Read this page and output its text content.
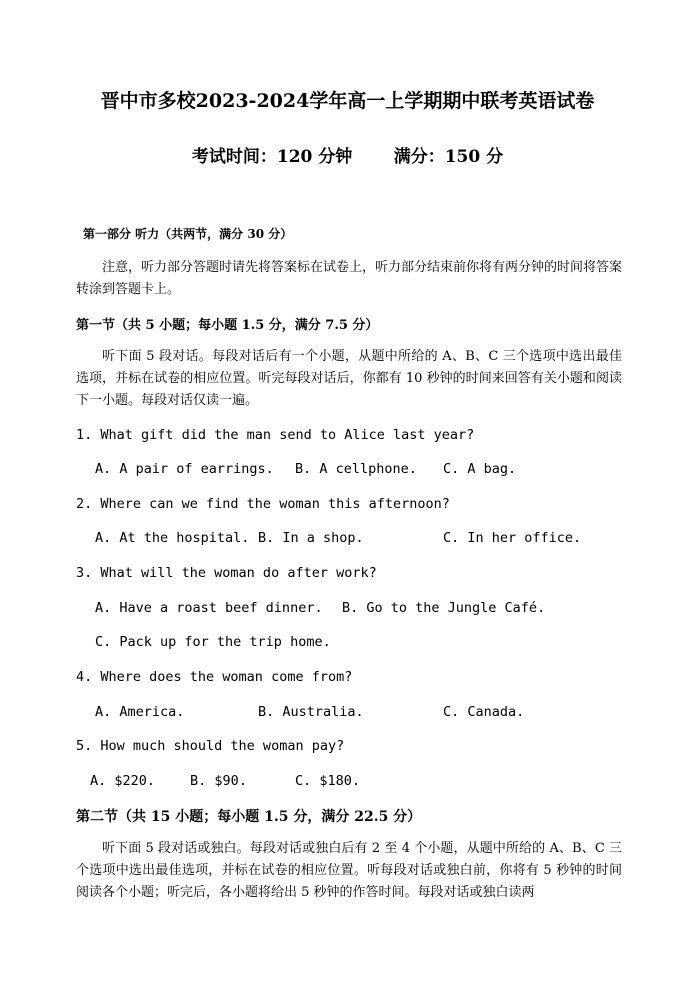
晋中市多校2023-2024学年高一上学期期中联考英语试卷
考试时间：120 分钟       满分：150 分
第一部分 听力（共两节，满分 30 分）
注意，听力部分答题时请先将答案标在试卷上，听力部分结束前你将有两分钟的时间将答案转涂到答题卡上。
第一节（共 5 小题；每小题 1.5 分，满分 7.5 分）
听下面 5 段对话。每段对话后有一个小题，从题中所给的 A、B、C 三个选项中选出最佳选项，并标在试卷的相应位置。听完每段对话后，你都有 10 秒钟的时间来回答有关小题和阅读下一小题。每段对话仅读一遍。
1. What gift did the man send to Alice last year?
A. A pair of earrings. B. A cellphone. C. A bag.
2. Where can we find the woman this afternoon?
A. At the hospital. B. In a shop.	C. In her office.
3. What will the woman do after work?
A. Have a roast beef dinner. B. Go to the Jungle Café.
C. Pack up for the trip home.
4. Where does the woman come from?
A. America.	B. Australia.	C. Canada.
5. How much should the woman pay?
A. $220.	B. $90.	C. $180.
第二节（共 15 小题；每小题 1.5 分，满分 22.5 分）
听下面 5 段对话或独白。每段对话或独白后有 2 至 4 个小题，从题中所给的 A、B、C 三个选项中选出最佳选项，并标在试卷的相应位置。听每段对话或独白前，你将有 5 秒钟的时间阅读各个小题；听完后，各小题将给出 5 秒钟的作答时间。每段对话或独白读两
